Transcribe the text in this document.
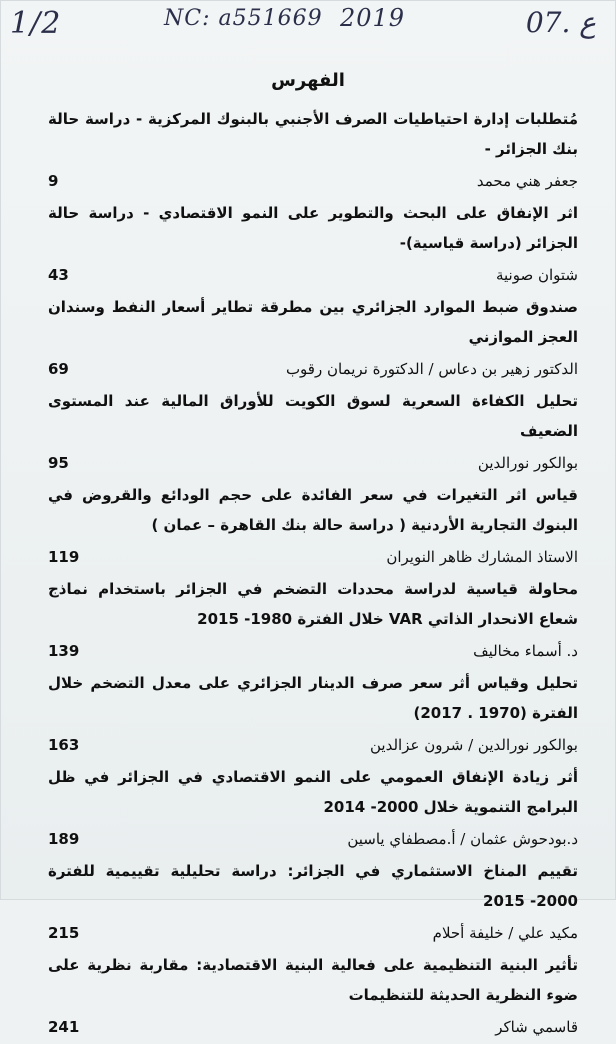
1/2	NC: a551669 2019	ع .07
الفهرس
مُتطلبات إدارة احتياطيات الصرف الأجنبي بالبنوك المركزية - دراسة حالة بنك الجزائر -
جعفر هني محمد
9
اثر الإنفاق على البحث والتطوير على النمو الاقتصادي - دراسة حالة الجزائر (دراسة قياسية)-
شتوان صونية
43
صندوق ضبط الموارد الجزائري بين مطرقة تطاير أسعار النفط وسندان العجز الموازني
الدكتور زهير بن دعاس / الدكتورة نريمان رقوب
69
تحليل الكفاءة السعرية لسوق الكويت للأوراق المالية عند المستوى الضعيف
بوالكور نورالدين
95
قياس اثر التغيرات في سعر الفائدة على حجم الودائع والقروض في البنوك التجارية الأردنية ( دراسة حالة بنك القاهرة – عمان )
الاستاذ المشارك ظاهر النويران
119
محاولة قياسية لدراسة محددات التضخم في الجزائر باستخدام نماذج شعاع الانحدار الذاتي VAR خلال الفترة 1980- 2015
د. أسماء مخاليف
139
تحليل وقياس أثر سعر صرف الدينار الجزائري على معدل التضخم خلال الفترة (1970 . 2017)
بوالكور نورالدين / شرون عزالدين
163
أثر زيادة الإنفاق العمومي على النمو الاقتصادي في الجزائر في ظل البرامج التنموية خلال 2000- 2014
د.بودحوش عثمان / أ.مصطفاي ياسين
189
تقييم المناخ الاستثماري في الجزائر: دراسة تحليلية تقييمية للفترة 2000- 2015
مكيد علي / خليفة أحلام
215
تأثير البنية التنظيمية على فعالية البنية الاقتصادية: مقاربة نظرية على ضوء النظرية الحديثة للتنظيمات
قاسمي شاكر
241
